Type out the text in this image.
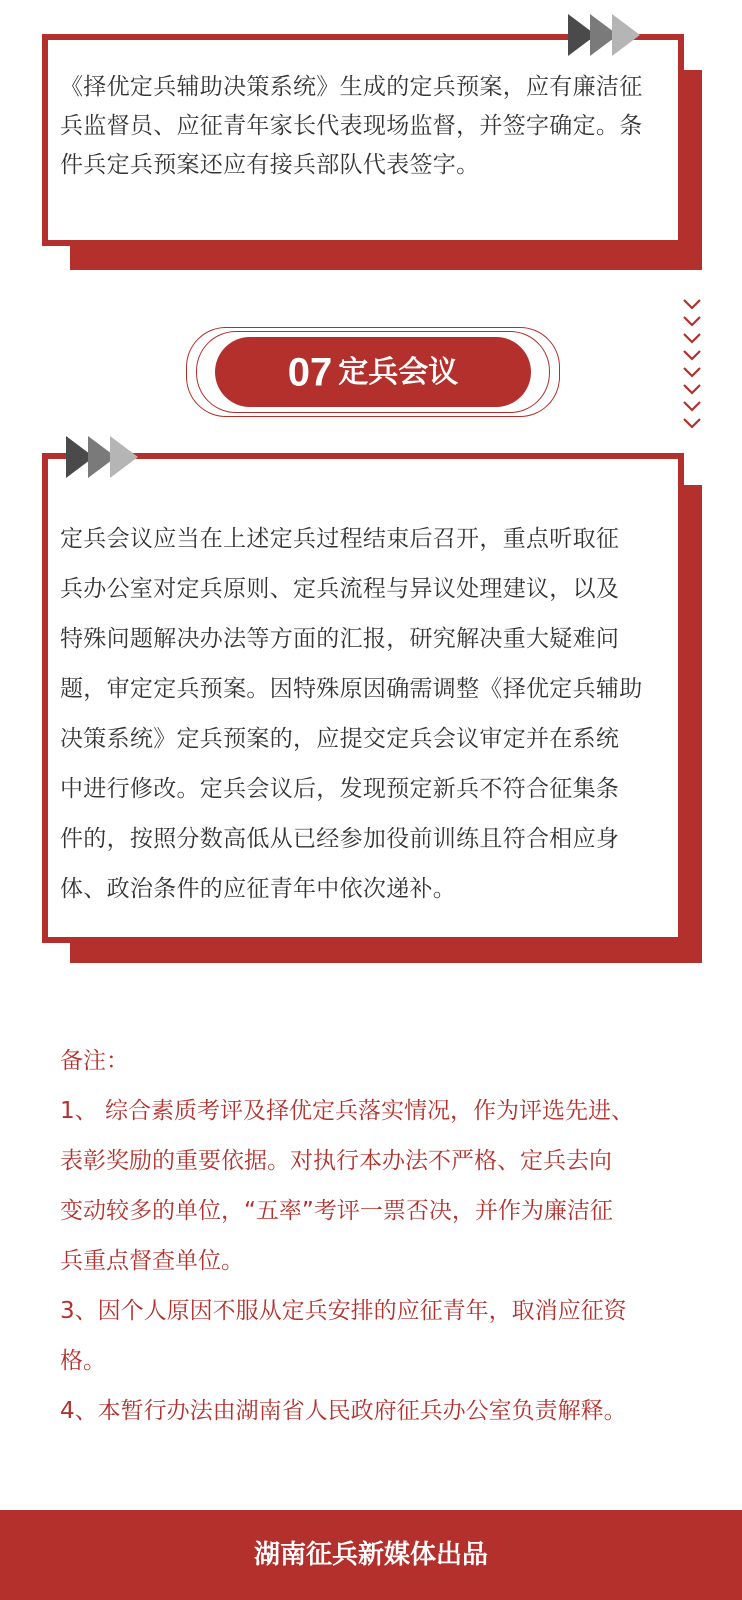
《择优定兵辅助决策系统》生成的定兵预案，应有廉洁征

兵监督员、应征青年家长代表现场监督，并签字确定。条

件兵定兵预案还应有接兵部队代表签字。

07 定兵会议

定兵会议应当在上述定兵过程结束后召开，重点听取征

兵办公室对定兵原则、定兵流程与异议处理建议，以及

特殊问题解决办法等方面的汇报，研究解决重大疑难问

题，审定定兵预案。因特殊原因确需调整《择优定兵辅助

决策系统》定兵预案的，应提交定兵会议审定并在系统

中进行修改。定兵会议后，发现预定新兵不符合征集条

件的，按照分数高低从已经参加役前训练且符合相应身

体、政治条件的应征青年中依次递补。

备注：

1、 综合素质考评及择优定兵落实情况，作为评选先进、

表彰奖励的重要依据。对执行本办法不严格、定兵去向

变动较多的单位，“五率”考评一票否决，并作为廉洁征

兵重点督查单位。

3、因个人原因不服从定兵安排的应征青年，取消应征资

格。

4、本暂行办法由湖南省人民政府征兵办公室负责解释。

湖南征兵新媒体出品
